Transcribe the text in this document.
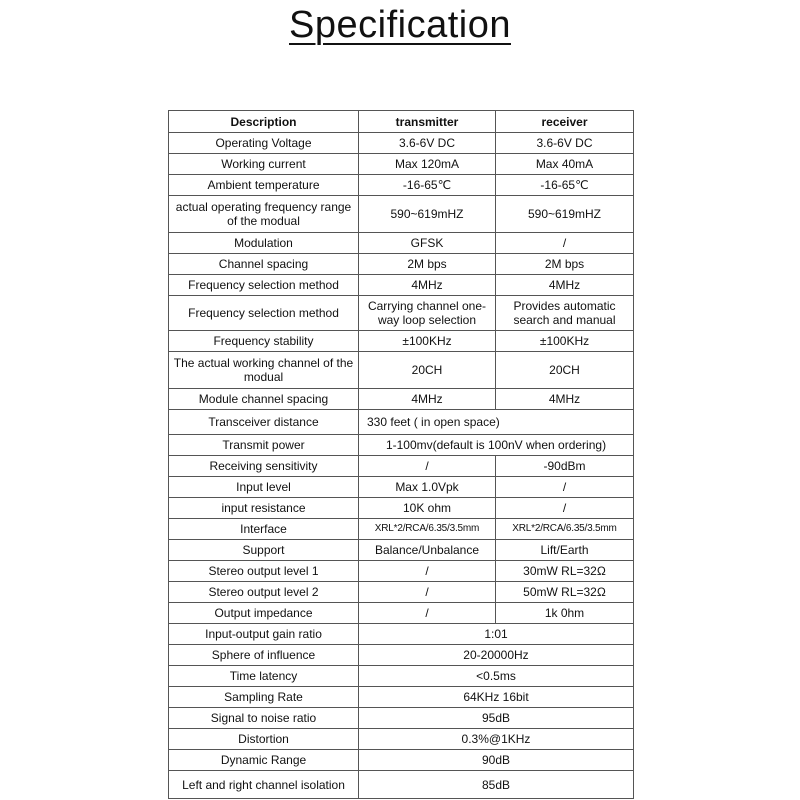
Specification
Description	transmitter	receiver
Operating Voltage	3.6-6V DC	3.6-6V DC
Working current	Max 120mA	Max 40mA
Ambient temperature	-16-65℃	-16-65℃
actual operating frequency range of the modual	590~619mHZ	590~619mHZ
Modulation	GFSK	/
Channel spacing	2M bps	2M bps
Frequency selection method	4MHz	4MHz
Frequency selection method	Carrying channel one-way loop selection	Provides automatic search and manual
Frequency stability	±100KHz	±100KHz
The actual working channel of the modual	20CH	20CH
Module channel spacing	4MHz	4MHz
Transceiver distance	330 feet ( in open space)	
Transmit power	1-100mv(default is 100nV when ordering)	
Receiving sensitivity	/	-90dBm
Input level	Max 1.0Vpk	/
input resistance	10K ohm	/
Interface	XRL*2/RCA/6.35/3.5mm	XRL*2/RCA/6.35/3.5mm
Support	Balance/Unbalance	Lift/Earth
Stereo output level 1	/	30mW RL=32Ω
Stereo output level 2	/	50mW RL=32Ω
Output impedance	/	1k 0hm
Input-output gain ratio	1:01	
Sphere of influence	20-20000Hz	
Time latency	<0.5ms	
Sampling Rate	64KHz 16bit	
Signal to noise ratio	95dB	
Distortion	0.3%@1KHz	
Dynamic Range	90dB	
Left and right channel isolation	85dB	
